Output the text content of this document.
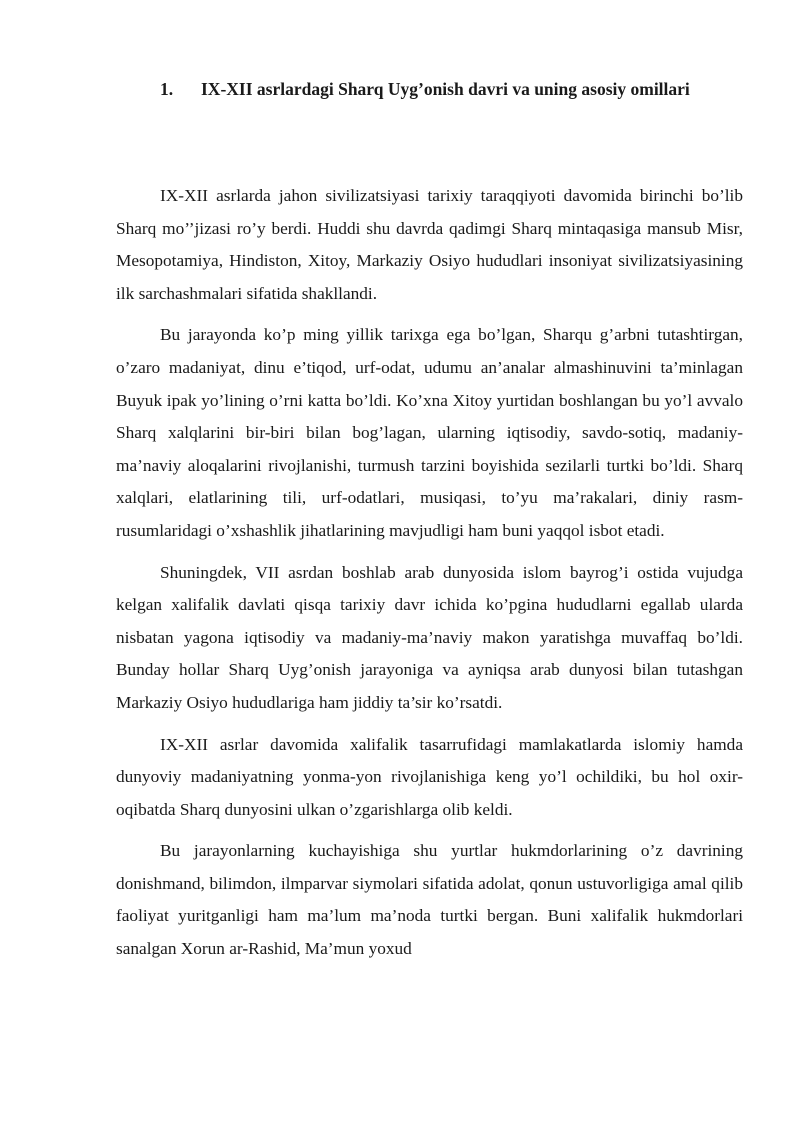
1.	IX-XII asrlardagi Sharq Uyg’onish davri va uning asosiy omillari

IX-XII asrlarda jahon sivilizatsiyasi tarixiy taraqqiyoti davomida birinchi bo’lib Sharq mo’’jizasi ro’y berdi. Huddi shu davrda qadimgi Sharq mintaqasiga mansub Misr, Mesopotamiya, Hindiston, Xitoy, Markaziy Osiyo hududlari insoniyat sivilizatsiyasining ilk sarchashmalari sifatida shakllandi.

Bu jarayonda ko’p ming yillik tarixga ega bo’lgan, Sharqu g’arbni tutashtirgan, o’zaro madaniyat, dinu e’tiqod, urf-odat, udumu an’analar almashinuvini ta’minlagan Buyuk ipak yo’lining o’rni katta bo’ldi. Ko’xna Xitoy yurtidan boshlangan bu yo’l avvalo Sharq xalqlarini bir-biri bilan bog’lagan, ularning iqtisodiy, savdo-sotiq, madaniy-ma’naviy aloqalarini rivojlanishi, turmush tarzini boyishida sezilarli turtki bo’ldi. Sharq xalqlari, elatlarining tili, urf-odatlari, musiqasi, to’yu ma’rakalari, diniy rasm-rusumlaridagi o’xshashlik jihatlarining mavjudligi ham buni yaqqol isbot etadi.

Shuningdek, VII asrdan boshlab arab dunyosida islom bayrog’i ostida vujudga kelgan xalifalik davlati qisqa tarixiy davr ichida ko’pgina hududlarni egallab ularda nisbatan yagona iqtisodiy va madaniy-ma’naviy makon yaratishga muvaffaq bo’ldi. Bunday hollar Sharq Uyg’onish jarayoniga va ayniqsa arab dunyosi bilan tutashgan Markaziy Osiyo hududlariga ham jiddiy ta’sir ko’rsatdi.

IX-XII asrlar davomida xalifalik tasarrufidagi mamlakatlarda islomiy hamda dunyoviy madaniyatning yonma-yon rivojlanishiga keng yo’l ochildiki, bu hol oxir-oqibatda Sharq dunyosini ulkan o’zgarishlarga olib keldi.

Bu jarayonlarning kuchayishiga shu yurtlar hukmdorlarining o’z davrining donishmand, bilimdon, ilmparvar siymolari sifatida adolat, qonun ustuvorligiga amal qilib faoliyat yuritganligi ham ma’lum ma’noda turtki bergan. Buni xalifalik hukmdorlari sanalgan Xorun ar-Rashid, Ma’mun yoxud
